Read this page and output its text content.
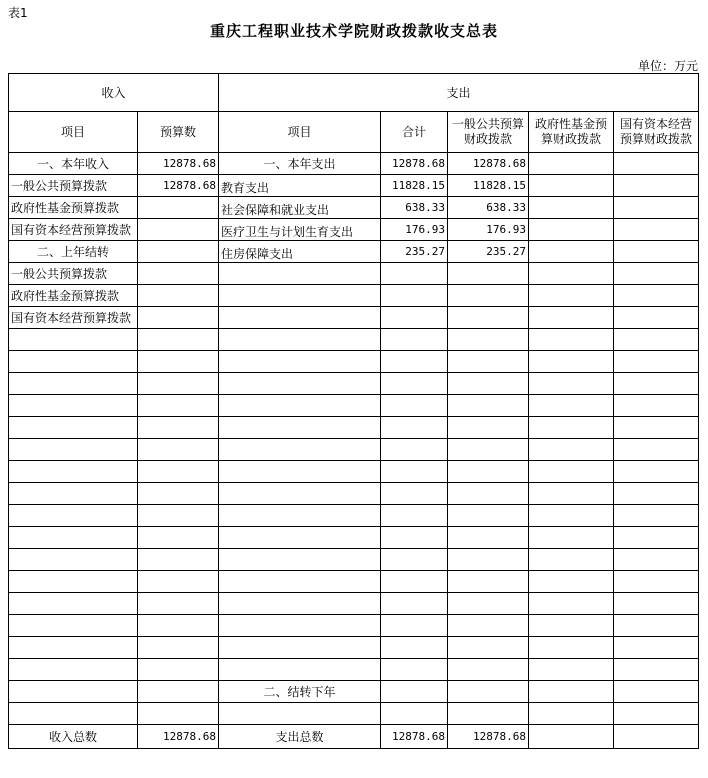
表1
重庆工程职业技术学院财政拨款收支总表
单位：万元
收入		支出				
项目	预算数	项目	合计	一般公共预算财政拨款	政府性基金预算财政拨款	国有资本经营预算财政拨款
一、本年收入	12878.68	一、本年支出	12878.68	12878.68		
一般公共预算拨款	12878.68	教育支出	11828.15	11828.15		
政府性基金预算拨款		社会保障和就业支出	638.33	638.33		
国有资本经营预算拨款		医疗卫生与计划生育支出	176.93	176.93		
二、上年结转		住房保障支出	235.27	235.27		
一般公共预算拨款						
政府性基金预算拨款						
国有资本经营预算拨款						

		二、结转下年				

收入总数	12878.68	支出总数	12878.68	12878.68		
